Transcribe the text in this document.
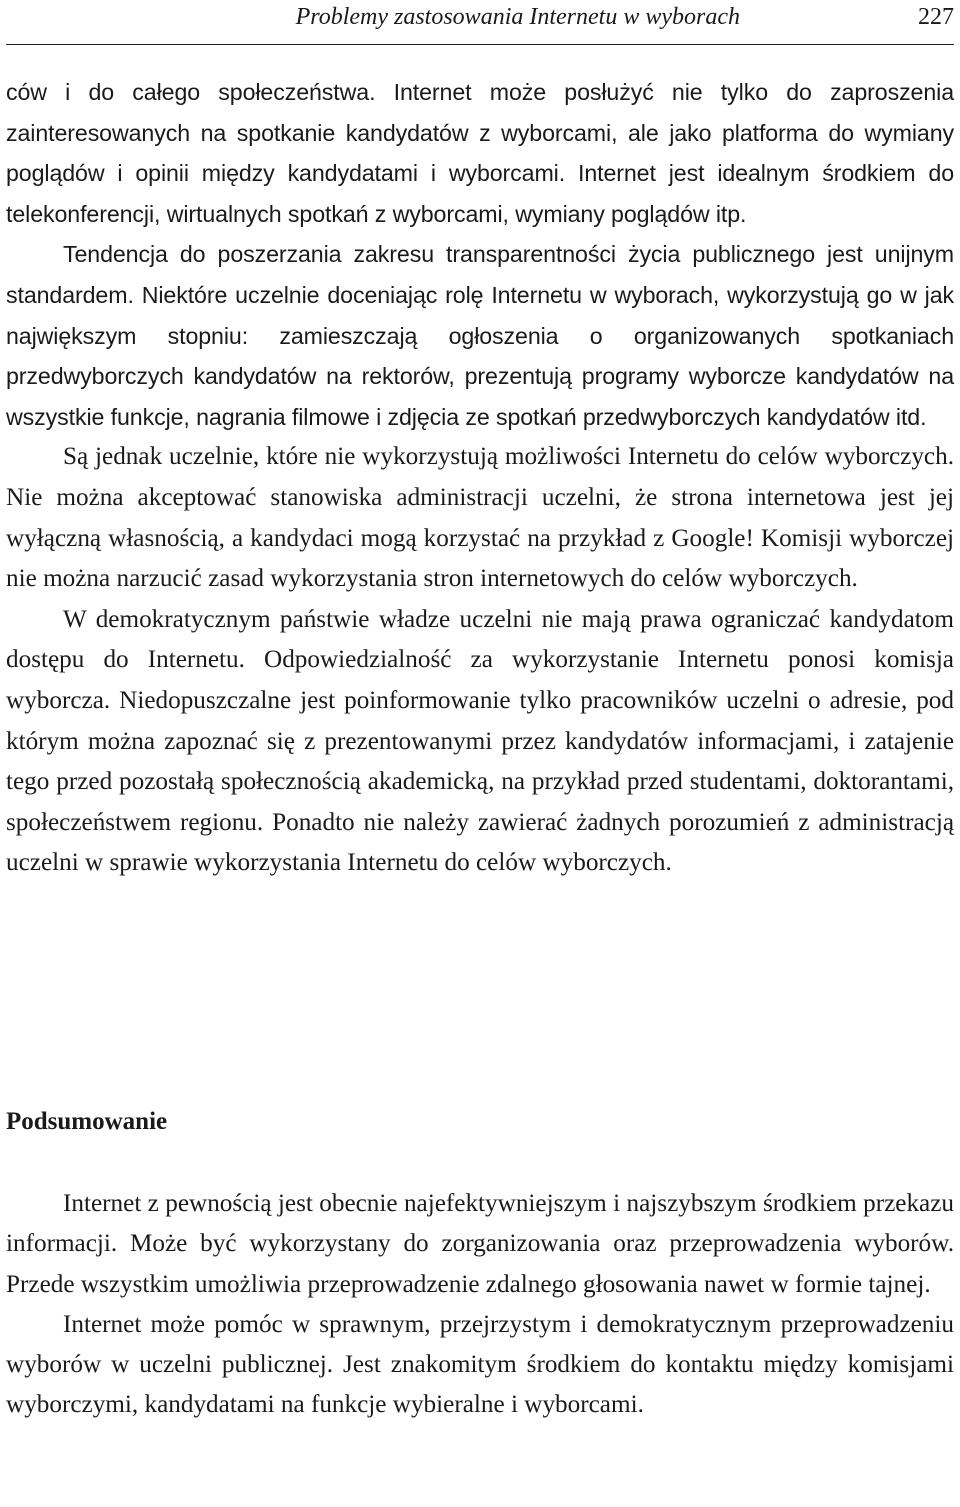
Problemy zastosowania Internetu w wyborach	227

ców i do całego społeczeństwa. Internet może posłużyć nie tylko do zaproszenia zainteresowanych na spotkanie kandydatów z wyborcami, ale jako platforma do wymiany poglądów i opinii między kandydatami i wyborcami. Internet jest idealnym środkiem do telekonferencji, wirtualnych spotkań z wyborcami, wymiany poglądów itp.

Tendencja do poszerzania zakresu transparentności życia publicznego jest unijnym standardem. Niektóre uczelnie doceniając rolę Internetu w wyborach, wykorzystują go w jak największym stopniu: zamieszczają ogłoszenia o organizowanych spotkaniach przedwyborczych kandydatów na rektorów, prezentują programy wyborcze kandydatów na wszystkie funkcje, nagrania filmowe i zdjęcia ze spotkań przedwyborczych kandydatów itd.

Są jednak uczelnie, które nie wykorzystują możliwości Internetu do celów wyborczych. Nie można akceptować stanowiska administracji uczelni, że strona internetowa jest jej wyłączną własnością, a kandydaci mogą korzystać na przykład z Google! Komisji wyborczej nie można narzucić zasad wykorzystania stron internetowych do celów wyborczych.

W demokratycznym państwie władze uczelni nie mają prawa ograniczać kandydatom dostępu do Internetu. Odpowiedzialność za wykorzystanie Internetu ponosi komisja wyborcza. Niedopuszczalne jest poinformowanie tylko pracowników uczelni o adresie, pod którym można zapoznać się z prezentowanymi przez kandydatów informacjami, i zatajenie tego przed pozostałą społecznością akademicką, na przykład przed studentami, doktorantami, społeczeństwem regionu. Ponadto nie należy zawierać żadnych porozumień z administracją uczelni w sprawie wykorzystania Internetu do celów wyborczych.

Podsumowanie

Internet z pewnością jest obecnie najefektywniejszym i najszybszym środkiem przekazu informacji. Może być wykorzystany do zorganizowania oraz przeprowadzenia wyborów. Przede wszystkim umożliwia przeprowadzenie zdalnego głosowania nawet w formie tajnej.

Internet może pomóc w sprawnym, przejrzystym i demokratycznym przeprowadzeniu wyborów w uczelni publicznej. Jest znakomitym środkiem do kontaktu między komisjami wyborczymi, kandydatami na funkcje wybieralne i wyborcami.
